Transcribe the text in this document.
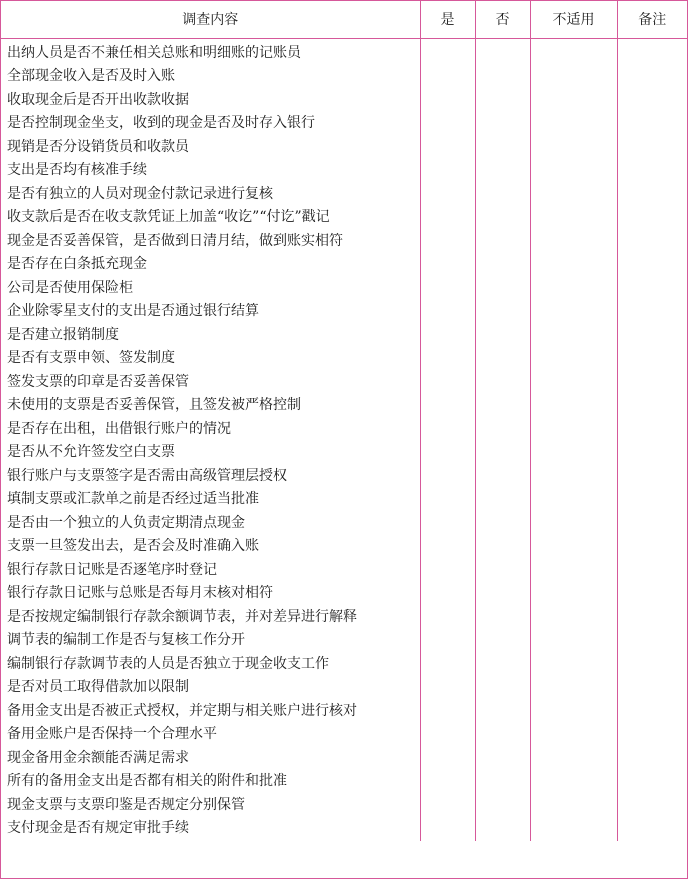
调查内容	是	否	不适用	备注
出纳人员是否不兼任相关总账和明细账的记账员				
全部现金收入是否及时入账				
收取现金后是否开出收款收据				
是否控制现金坐支，收到的现金是否及时存入银行				
现销是否分设销货员和收款员				
支出是否均有核准手续				
是否有独立的人员对现金付款记录进行复核				
收支款后是否在收支款凭证上加盖“收讫”“付讫”戳记				
现金是否妥善保管，是否做到日清月结，做到账实相符				
是否存在白条抵充现金				
公司是否使用保险柜				
企业除零星支付的支出是否通过银行结算				
是否建立报销制度				
是否有支票申领、签发制度				
签发支票的印章是否妥善保管				
未使用的支票是否妥善保管，且签发被严格控制				
是否存在出租，出借银行账户的情况				
是否从不允许签发空白支票				
银行账户与支票签字是否需由高级管理层授权				
填制支票或汇款单之前是否经过适当批准				
是否由一个独立的人负责定期清点现金				
支票一旦签发出去，是否会及时准确入账				
银行存款日记账是否逐笔序时登记				
银行存款日记账与总账是否每月末核对相符				
是否按规定编制银行存款余额调节表，并对差异进行解释				
调节表的编制工作是否与复核工作分开				
编制银行存款调节表的人员是否独立于现金收支工作				
是否对员工取得借款加以限制				
备用金支出是否被正式授权，并定期与相关账户进行核对				
备用金账户是否保持一个合理水平				
现金备用金余额能否满足需求				
所有的备用金支出是否都有相关的附件和批准				
现金支票与支票印鉴是否规定分别保管				
支付现金是否有规定审批手续				
